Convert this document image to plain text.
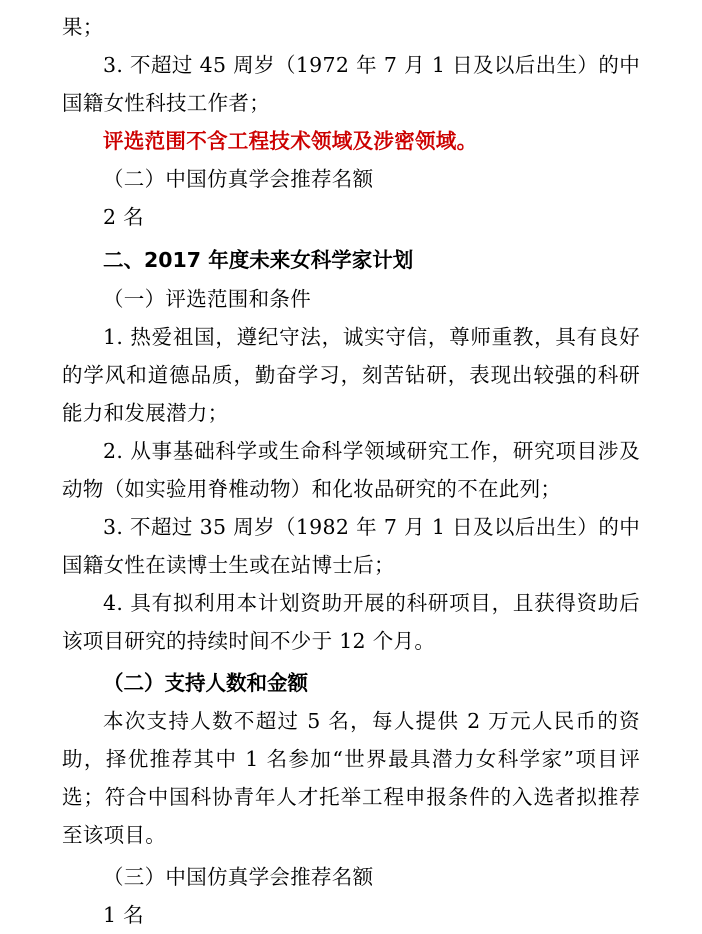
果；

3. 不超过 45 周岁（1972 年 7 月 1 日及以后出生）的中国籍女性科技工作者；

评选范围不含工程技术领域及涉密领域。

（二）中国仿真学会推荐名额

2 名

二、2017 年度未来女科学家计划

（一）评选范围和条件

1. 热爱祖国，遵纪守法，诚实守信，尊师重教，具有良好的学风和道德品质，勤奋学习，刻苦钻研，表现出较强的科研能力和发展潜力；

2. 从事基础科学或生命科学领域研究工作，研究项目涉及动物（如实验用脊椎动物）和化妆品研究的不在此列；

3. 不超过 35 周岁（1982 年 7 月 1 日及以后出生）的中国籍女性在读博士生或在站博士后；

4. 具有拟利用本计划资助开展的科研项目，且获得资助后该项目研究的持续时间不少于 12 个月。

（二）支持人数和金额

本次支持人数不超过 5 名，每人提供 2 万元人民币的资助，择优推荐其中 1 名参加“世界最具潜力女科学家”项目评选；符合中国科协青年人才托举工程申报条件的入选者拟推荐至该项目。

（三）中国仿真学会推荐名额

1 名
